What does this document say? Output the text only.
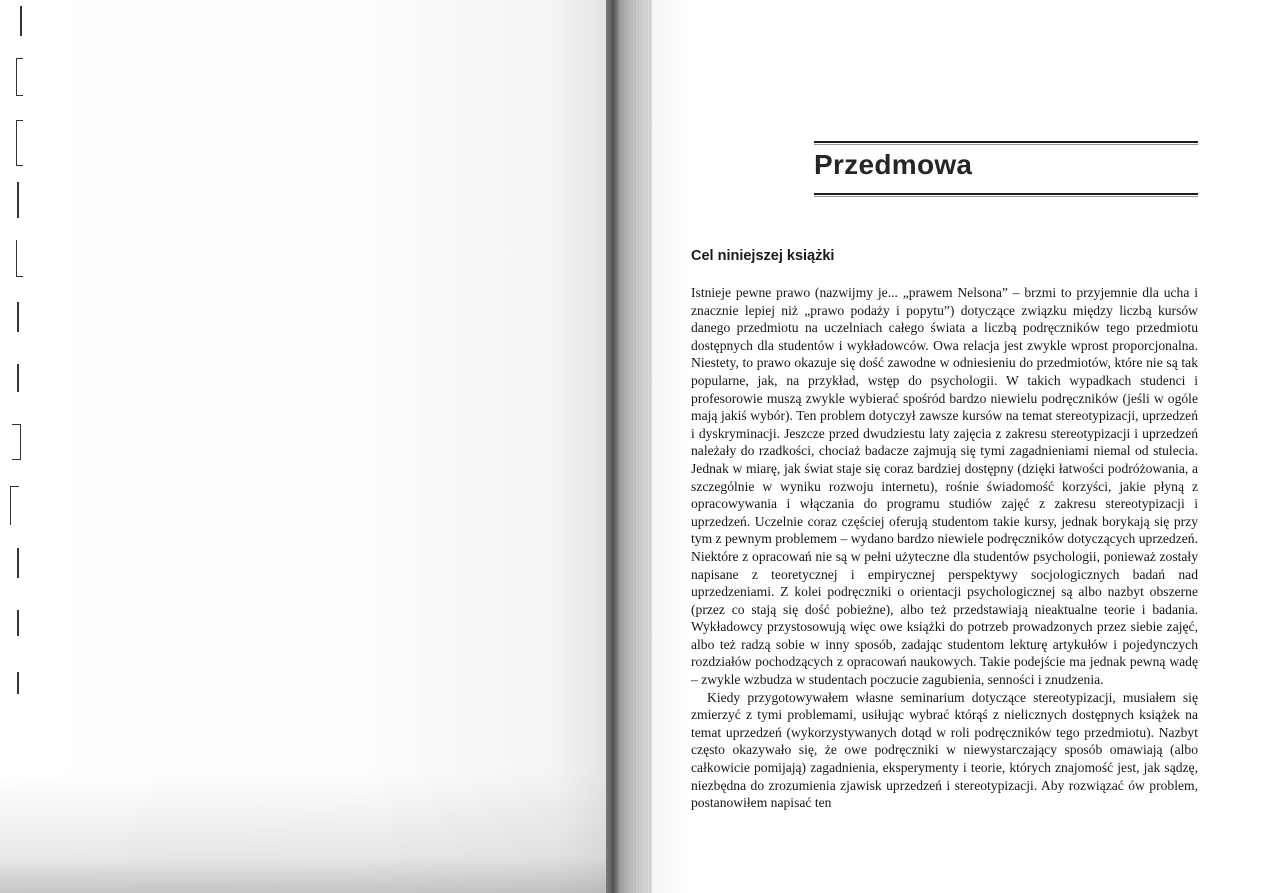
Przedmowa
Cel niniejszej książki

Istnieje pewne prawo (nazwijmy je... „prawem Nelsona” – brzmi to przyjemnie dla ucha i znacznie lepiej niż „prawo podaży i popytu”) dotyczące związku między liczbą kursów danego przedmiotu na uczelniach całego świata a liczbą podręczników tego przedmiotu dostępnych dla studentów i wykładowców. Owa relacja jest zwykle wprost proporcjonalna. Niestety, to prawo okazuje się dość zawodne w odniesieniu do przedmiotów, które nie są tak popularne, jak, na przykład, wstęp do psychologii. W takich wypadkach studenci i profesorowie muszą zwykle wybierać spośród bardzo niewielu podręczników (jeśli w ogóle mają jakiś wybór). Ten problem dotyczył zawsze kursów na temat stereotypizacji, uprzedzeń i dyskryminacji. Jeszcze przed dwudziestu laty zajęcia z zakresu stereotypizacji i uprzedzeń należały do rzadkości, chociaż badacze zajmują się tymi zagadnieniami niemal od stulecia. Jednak w miarę, jak świat staje się coraz bardziej dostępny (dzięki łatwości podróżowania, a szczególnie w wyniku rozwoju internetu), rośnie świadomość korzyści, jakie płyną z opracowywania i włączania do programu studiów zajęć z zakresu stereotypizacji i uprzedzeń. Uczelnie coraz częściej oferują studentom takie kursy, jednak borykają się przy tym z pewnym problemem – wydano bardzo niewiele podręczników dotyczących uprzedzeń. Niektóre z opracowań nie są w pełni użyteczne dla studentów psychologii, ponieważ zostały napisane z teoretycznej i empirycznej perspektywy socjologicznych badań nad uprzedzeniami. Z kolei podręczniki o orientacji psychologicznej są albo nazbyt obszerne (przez co stają się dość pobieżne), albo też przedstawiają nieaktualne teorie i badania. Wykładowcy przystosowują więc owe książki do potrzeb prowadzonych przez siebie zajęć, albo też radzą sobie w inny sposób, zadając studentom lekturę artykułów i pojedynczych rozdziałów pochodzących z opracowań naukowych. Takie podejście ma jednak pewną wadę – zwykle wzbudza w studentach poczucie zagubienia, senności i znudzenia.

Kiedy przygotowywałem własne seminarium dotyczące stereotypizacji, musiałem się zmierzyć z tymi problemami, usiłując wybrać którąś z nielicznych dostępnych książek na temat uprzedzeń (wykorzystywanych dotąd w roli podręczników tego przedmiotu). Nazbyt często okazywało się, że owe podręczniki w niewystarczający sposób omawiają (albo całkowicie pomijają) zagadnienia, eksperymenty i teorie, których znajomość jest, jak sądzę, niezbędna do zrozumienia zjawisk uprzedzeń i stereotypizacji. Aby rozwiązać ów problem, postanowiłem napisać ten
